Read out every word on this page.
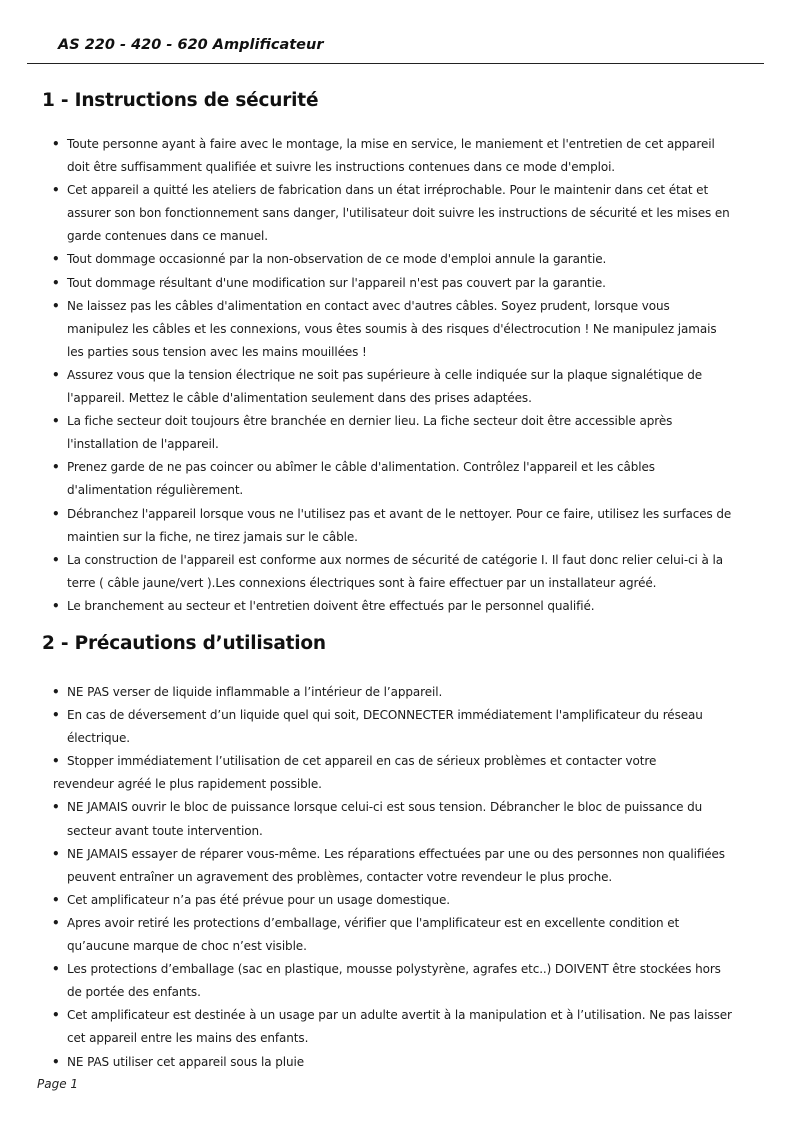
AS 220 - 420 - 620 Amplificateur
1 - Instructions de sécurité
• Toute personne ayant à faire avec le montage, la mise en service, le maniement et l'entretien de cet appareil doit être suffisamment qualifiée et suivre les instructions contenues dans ce mode d'emploi.
• Cet appareil a quitté les ateliers de fabrication dans un état irréprochable. Pour le maintenir dans cet état et assurer son bon fonctionnement sans danger, l'utilisateur doit suivre les instructions de sécurité et les mises en garde contenues dans ce manuel.
• Tout dommage occasionné par la non-observation de ce mode d'emploi annule la garantie.
• Tout dommage résultant d'une modification sur l'appareil n'est pas couvert par la garantie.
• Ne laissez pas les câbles d'alimentation en contact avec d'autres câbles. Soyez prudent, lorsque vous manipulez les câbles et les connexions, vous êtes soumis à des risques d'électrocution ! Ne manipulez jamais les parties sous tension avec les mains mouillées !
• Assurez vous que la tension électrique ne soit pas supérieure à celle indiquée sur la plaque signalétique de l'appareil. Mettez le câble d'alimentation seulement dans des prises adaptées.
• La fiche secteur doit toujours être branchée en dernier lieu. La fiche secteur doit être accessible après l'installation de l'appareil.
• Prenez garde de ne pas coincer ou abîmer le câble d'alimentation. Contrôlez l'appareil et les câbles d'alimentation régulièrement.
• Débranchez l'appareil lorsque vous ne l'utilisez pas et avant de le nettoyer. Pour ce faire, utilisez les surfaces de maintien sur la fiche, ne tirez jamais sur le câble.
• La construction de l'appareil est conforme aux normes de sécurité de catégorie I. Il faut donc relier celui-ci à la terre ( câble jaune/vert ).Les connexions électriques sont à faire effectuer par un installateur agréé.
• Le branchement au secteur et l'entretien doivent être effectués par le personnel qualifié.
2 - Précautions d’utilisation
• NE PAS verser de liquide inflammable a l’intérieur de l’appareil.
• En cas de déversement d’un liquide quel qui soit, DECONNECTER immédiatement l'amplificateur du réseau électrique.
• Stopper immédiatement l’utilisation de cet appareil en cas de sérieux problèmes et contacter votre
revendeur agréé le plus rapidement possible.
• NE JAMAIS ouvrir le bloc de puissance lorsque celui-ci est sous tension. Débrancher le bloc de puissance du secteur avant toute intervention.
• NE JAMAIS essayer de réparer vous-même. Les réparations effectuées par une ou des personnes non qualifiées peuvent entraîner un agravement des problèmes, contacter votre revendeur le plus proche.
• Cet amplificateur n’a pas été prévue pour un usage domestique.
• Apres avoir retiré les protections d’emballage, vérifier que l'amplificateur est en excellente condition et qu’aucune marque de choc n’est visible.
• Les protections d’emballage (sac en plastique, mousse polystyrène, agrafes etc..) DOIVENT être stockées hors de portée des enfants.
• Cet amplificateur est destinée à un usage par un adulte avertit à la manipulation et à l’utilisation. Ne pas laisser cet appareil entre les mains des enfants.
• NE PAS utiliser cet appareil sous la pluie
Page 1
